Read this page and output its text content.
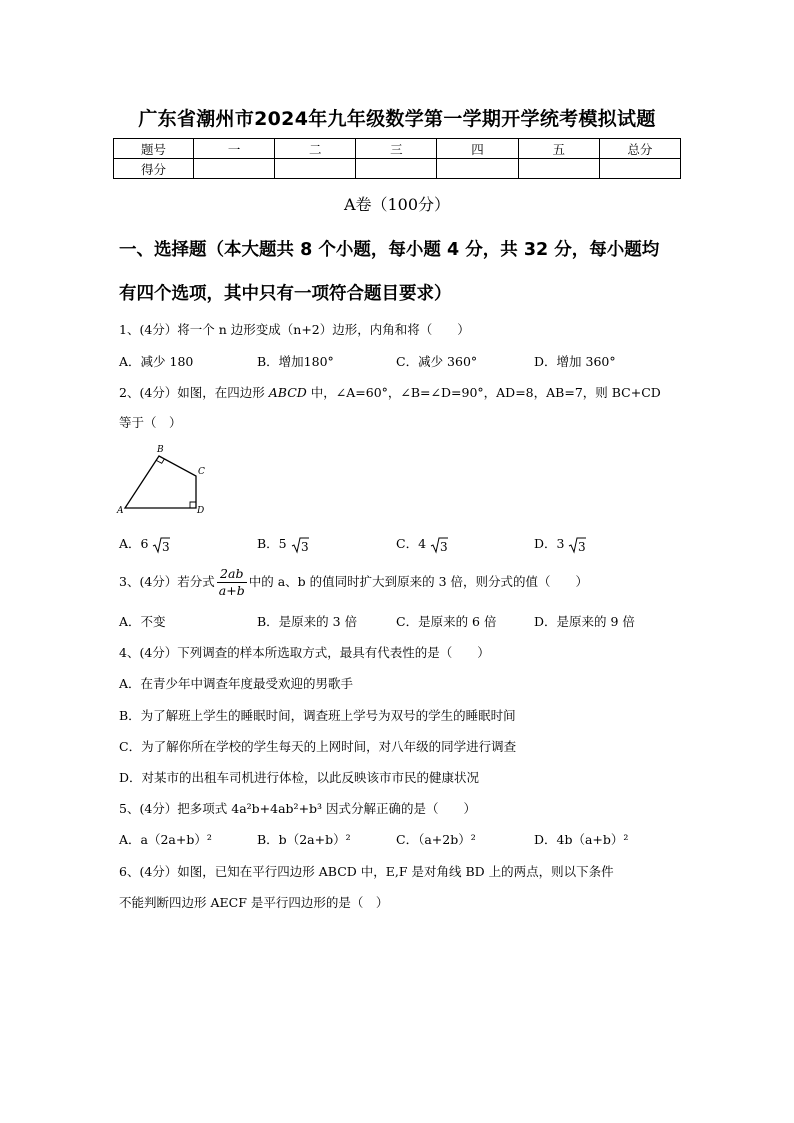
广东省潮州市2024年九年级数学第一学期开学统考模拟试题
题号	一	二	三	四	五	总分
得分						
A卷（100分）
一、选择题（本大题共 8 个小题，每小题 4 分，共 32 分，每小题均
有四个选项，其中只有一项符合题目要求）
1、(4分）将一个 n 边形变成（n+2）边形，内角和将（　　）
A．减少 180	B．增加180°	C．减少 360°	D．增加 360°
2、(4分）如图，在四边形 ABCD 中，∠A=60°，∠B=∠D=90°，AD=8，AB=7，则 BC+CD
等于（　）
B
C
A	D
A．6 3	B．5 3	C．4 3	D．3 3
3、(4分）若分式 $\frac{2ab}{a+b}$ 中的 a、b 的值同时扩大到原来的 3 倍，则分式的值（　　）
A．不变	B．是原来的 3 倍	C．是原来的 6 倍	D．是原来的 9 倍
4、(4分）下列调查的样本所选取方式，最具有代表性的是（　　）
A．在青少年中调查年度最受欢迎的男歌手
B．为了解班上学生的睡眠时间，调查班上学号为双号的学生的睡眠时间
C．为了解你所在学校的学生每天的上网时间，对八年级的同学进行调查
D．对某市的出租车司机进行体检，以此反映该市市民的健康状况
5、(4分）把多项式 4a²b+4ab²+b³ 因式分解正确的是（　　）
A．a（2a+b）²	B．b（2a+b）²	C．（a+2b）²	D．4b（a+b）²
6、(4分）如图，已知在平行四边形 ABCD 中，E,F 是对角线 BD 上的两点，则以下条件
不能判断四边形 AECF 是平行四边形的是（　）
